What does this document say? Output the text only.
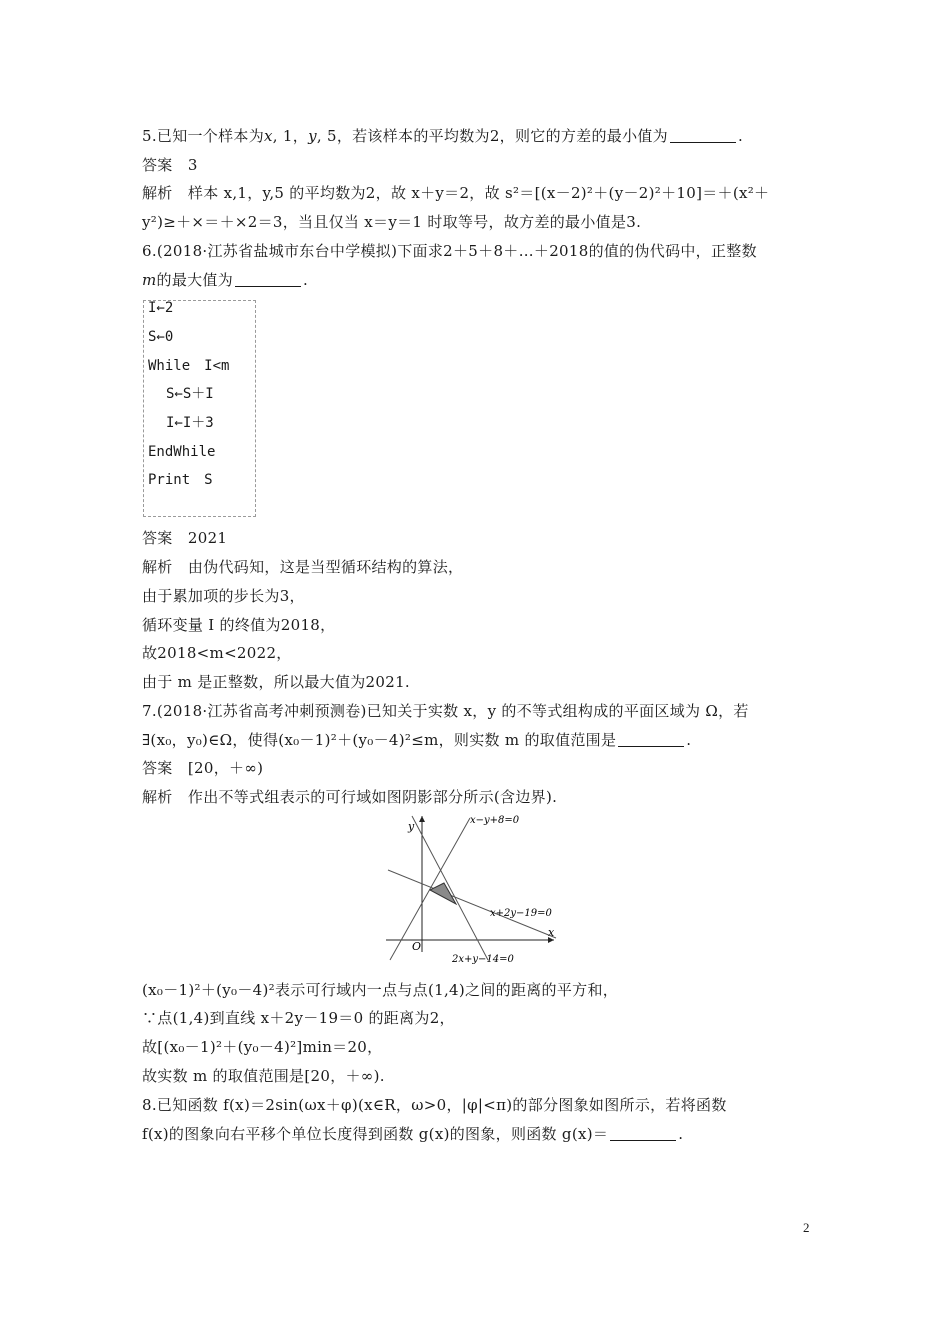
5.已知一个样本为x, 1，y, 5，若该样本的平均数为2，则它的方差的最小值为	.
答案　3
解析　样本 x,1，y,5 的平均数为2，故 x＋y＝2，故 s²＝[(x－2)²＋(y－2)²＋10]＝＋(x²＋
y²)≥＋×＝＋×2＝3，当且仅当 x＝y＝1 时取等号，故方差的最小值是3.
6.(2018·江苏省盐城市东台中学模拟)下面求2＋5＋8＋…＋2018的值的伪代码中，正整数
m的最大值为	.
I←2
S←0
While　I<m
S←S＋I
I←I＋3
EndWhile
Print　S
答案　2021
解析　由伪代码知，这是当型循环结构的算法，
由于累加项的步长为3，
循环变量 I 的终值为2018，
故2018<m<2022，
由于 m 是正整数，所以最大值为2021.
7.(2018·江苏省高考冲刺预测卷)已知关于实数 x，y 的不等式组构成的平面区域为 Ω，若
∃(x₀，y₀)∈Ω，使得(x₀－1)²＋(y₀－4)²≤m，则实数 m 的取值范围是	.
答案　[20，＋∞)
解析　作出不等式组表示的可行域如图阴影部分所示(含边界).
y
x
O
x−y+8=0
x+2y−19=0
2x+y−14=0
(x₀－1)²＋(y₀－4)²表示可行域内一点与点(1,4)之间的距离的平方和，
∵点(1,4)到直线 x＋2y－19＝0 的距离为2，
故[(x₀－1)²＋(y₀－4)²]min＝20，
故实数 m 的取值范围是[20，＋∞).
8.已知函数 f(x)＝2sin(ωx＋φ)(x∈R，ω>0，|φ|<π)的部分图象如图所示，若将函数
f(x)的图象向右平移个单位长度得到函数 g(x)的图象，则函数 g(x)＝	.
2
